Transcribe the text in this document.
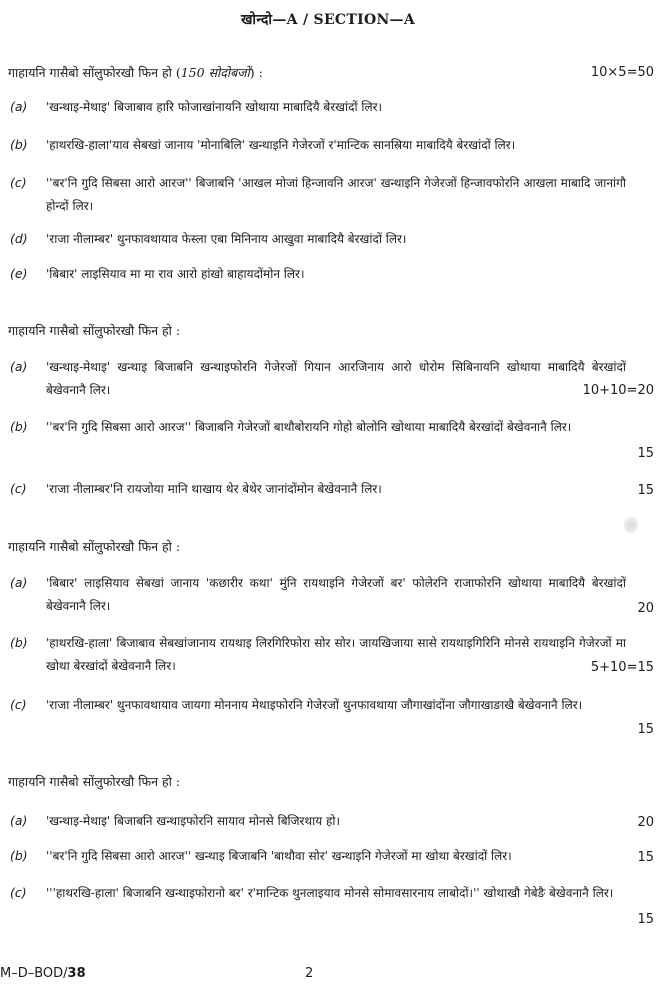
खोन्दो—A / SECTION—A
गाहायनि गासैबो सोंलुफोरखौ फिन हो (150 सोदोबजों) :	10×5=50
(a) 'खन्थाइ-मेथाइ' बिजाबाव हारि फोजाखांनायनि खोथाया माबादियै बेरखांदों लिर।
(b) 'हाथरखि-हाला'याव सेबखां जानाय 'मोनाबिलि' खन्थाइनि गेजेरजों र'मान्टिक सानस्रिया माबादियै बेरखांदों लिर।
(c) ''बर'नि गुदि सिबसा आरो आरज'' बिजाबनि 'आखल मोजां हिन्जावनि आरज' खन्थाइनि गेजेरजों हिन्जावफोरनि आखला माबादि जानांगौ होन्दों लिर।
(d) 'राजा नीलाम्बर' थुनफावथायाव फेस्ला एबा मिनिनाय आखुवा माबादियै बेरखांदों लिर।
(e) 'बिबार' लाइसियाव मा मा राव आरो हांखो बाहायदोंमोन लिर।
गाहायनि गासैबो सोंलुफोरखौ फिन हो :
(a) 'खन्थाइ-मेथाइ' खन्थाइ बिजाबनि खन्थाइफोरनि गेजेरजों गियान आरजिनाय आरो धोरोम सिबिनायनि खोथाया माबादियै बेरखांदों बेखेवनानै लिर।	10+10=20
(b) ''बर'नि गुदि सिबसा आरो आरज'' बिजाबनि गेजेरजों बाथौबोरायनि गोहो बोलोनि खोथाया माबादियै बेरखांदों बेखेवनानै लिर।
15
(c) 'राजा नीलाम्बर'नि रायजोया मानि थाखाय थेर बेथेर जानांदोंमोन बेखेवनानै लिर।	15
गाहायनि गासैबो सोंलुफोरखौ फिन हो :
(a) 'बिबार' लाइसियाव सेबखां जानाय 'कछारीर कथा' मुंनि रायथाइनि गेजेरजों बर' फोलेरनि राजाफोरनि खोथाया माबादियै बेरखांदों बेखेवनानै लिर।	20
(b) 'हाथरखि-हाला' बिजाबाव सेबखांजानाय रायथाइ लिरगिरिफोरा सोर सोर। जायखिजाया सासे रायथाइगिरिनि मोनसे रायथाइनि गेजेरजों मा खोथा बेरखांदों बेखेवनानै लिर।	5+10=15
(c) 'राजा नीलाम्बर' थुनफावथायाव जायगा मोननाय मेथाइफोरनि गेजेरजों थुनफावथाया जौगाखांदोंना जौगाखाङाखै बेखेवनानै लिर।
15
गाहायनि गासैबो सोंलुफोरखौ फिन हो :
(a) 'खन्थाइ-मेथाइ' बिजाबनि खन्थाइफोरनि सायाव मोनसे बिजिरथाय हो।	20
(b) ''बर'नि गुदि सिबसा आरो आरज'' खन्थाइ बिजाबनि 'बाथौवा सोर' खन्थाइनि गेजेरजों मा खोथा बेरखांदों लिर।	15
(c) '''हाथरखि-हाला' बिजाबनि खन्थाइफोरानो बर' र'मान्टिक थुनलाइयाव मोनसे सोमावसारनाय लाबोदों।'' खोथाखौ गेबेङै बेखेवनानै लिर।
15
M–D–BOD/38	2
